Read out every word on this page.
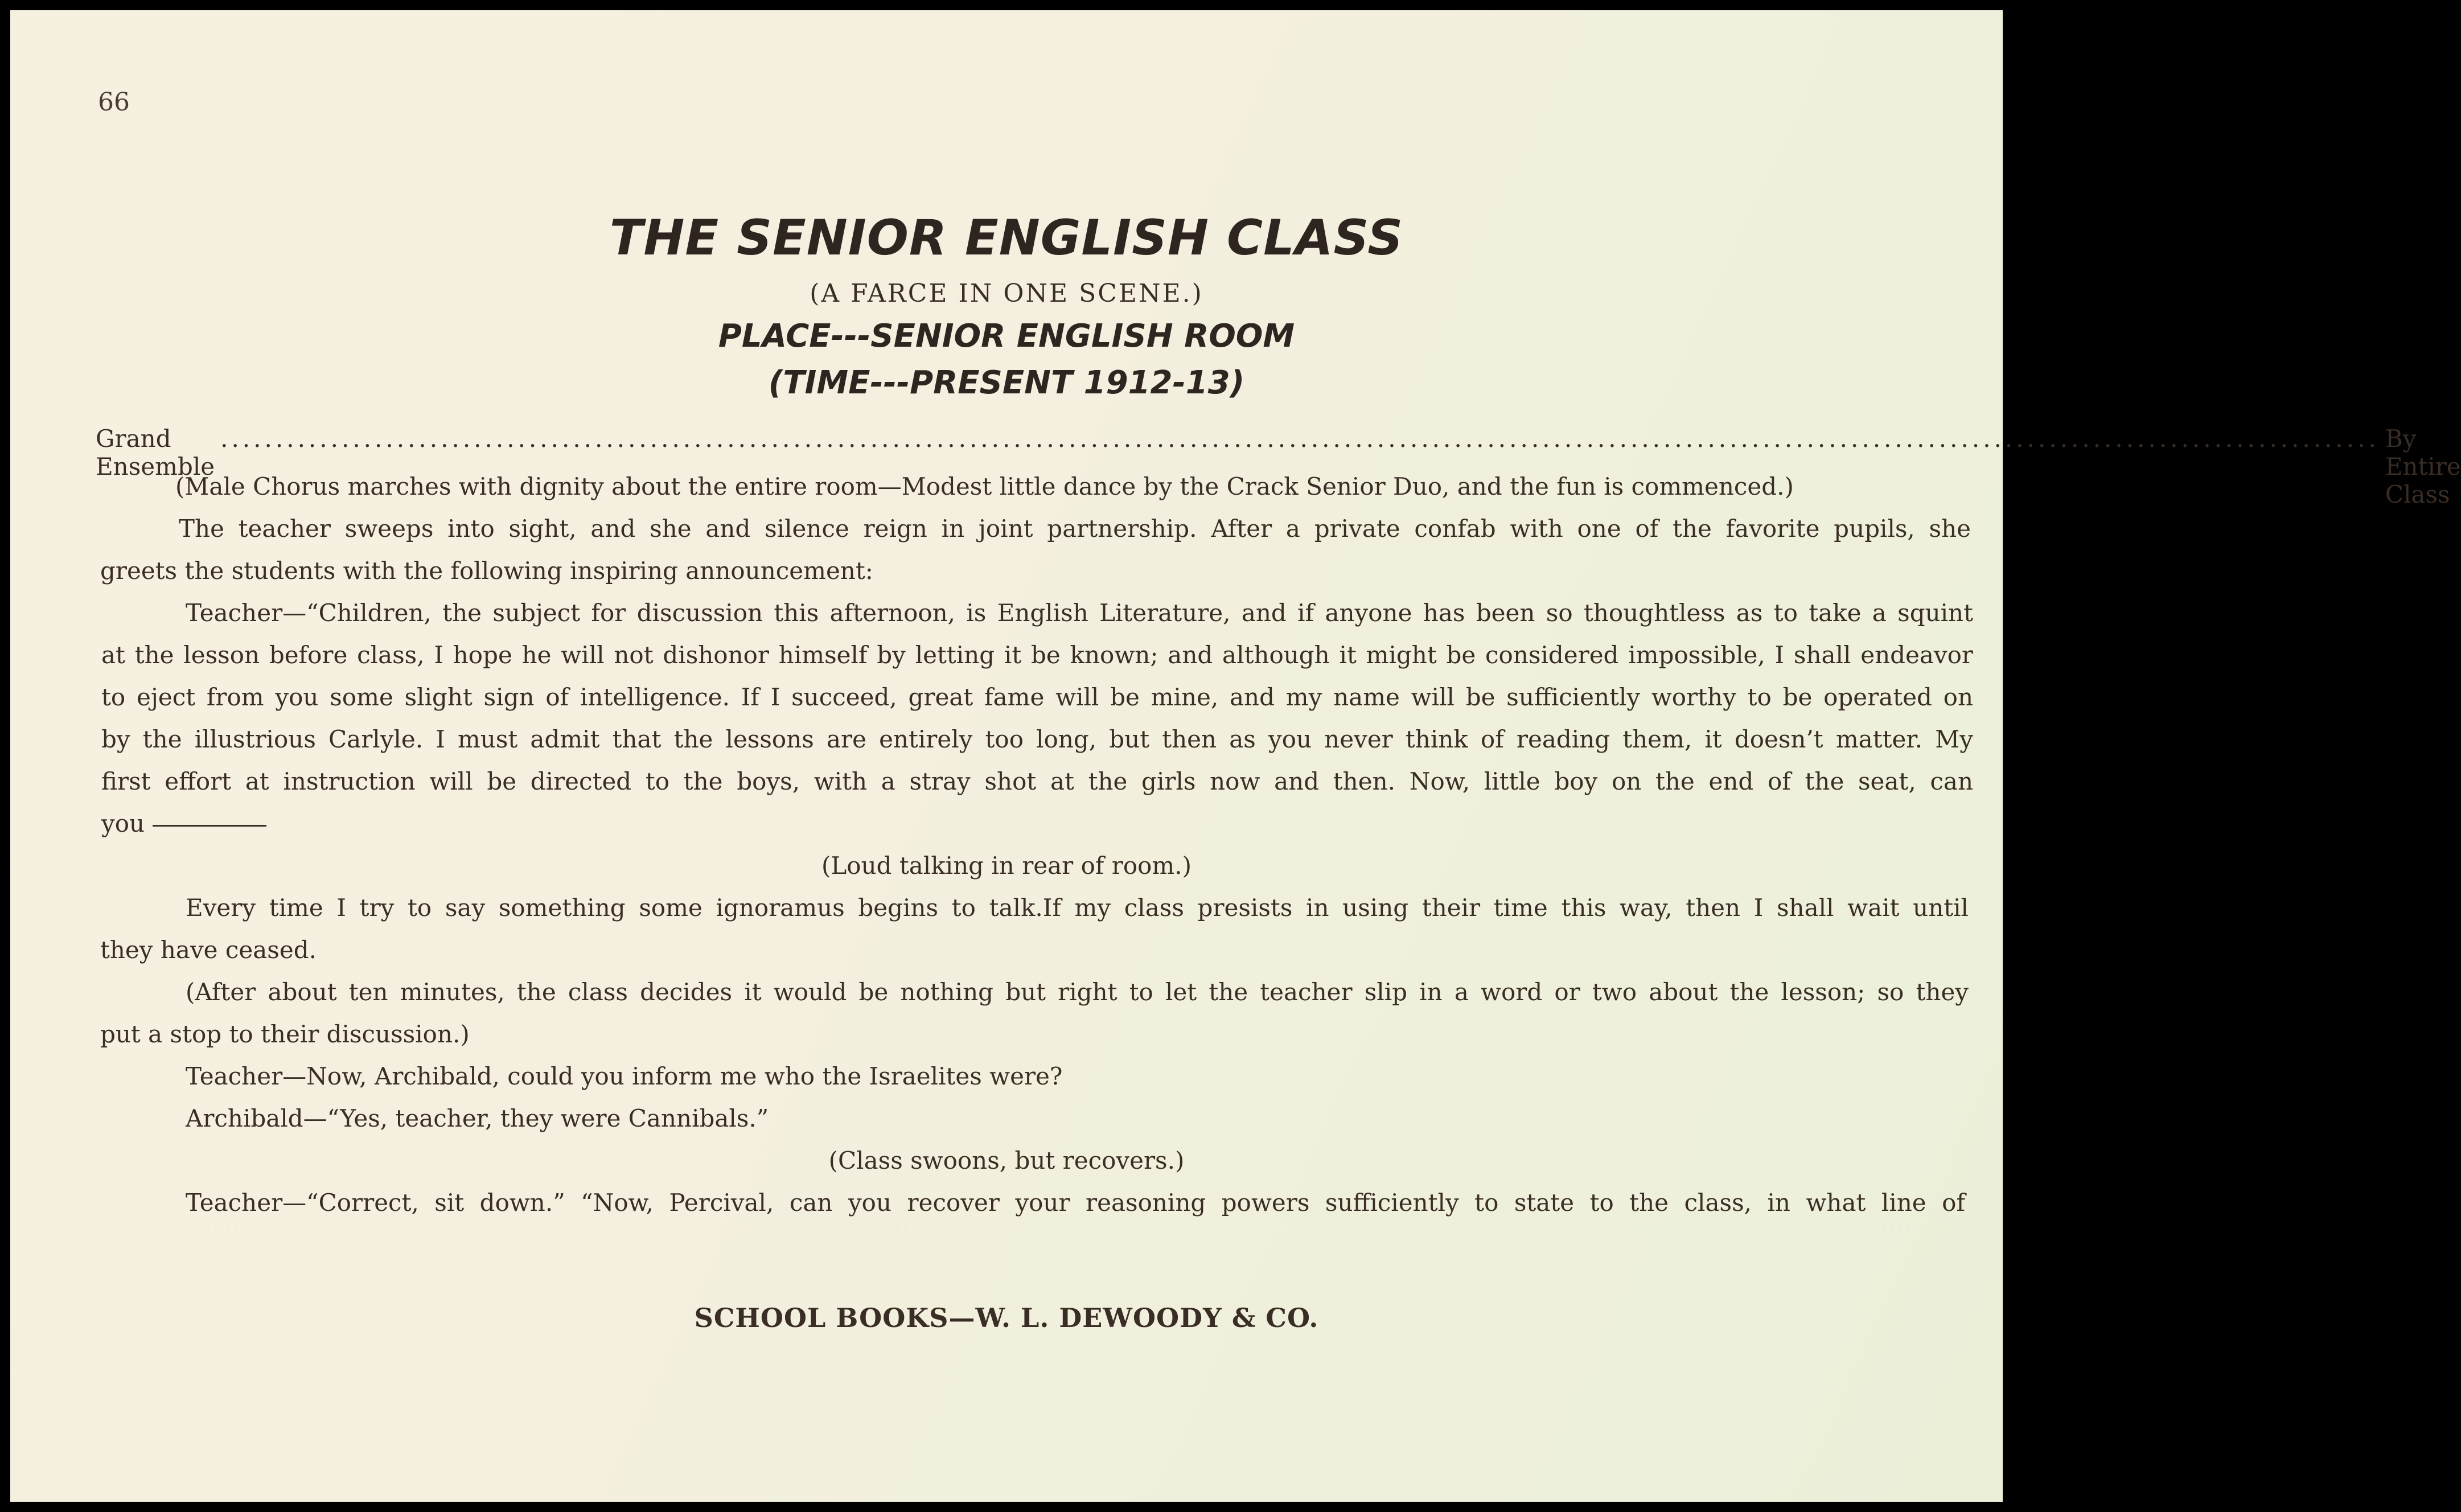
66
THE SENIOR ENGLISH CLASS
(A FARCE IN ONE SCENE.)
PLACE---SENIOR ENGLISH ROOM
(TIME---PRESENT 1912-13)
Grand Ensemble
.................................................................................................................................................................................................... By Entire Class
(Male Chorus marches with dignity about the entire room—Modest little dance by the Crack Senior Duo, and the fun is commenced.)
The teacher sweeps into sight, and she and silence reign in joint partnership. After a private confab with one of the favorite pupils, she
greets the students with the following inspiring announcement:
Teacher—“Children, the subject for discussion this afternoon, is English Literature, and if anyone has been so thoughtless as to take a squint
at the lesson before class, I hope he will not dishonor himself by letting it be known; and although it might be considered impossible, I shall endeavor
to eject from you some slight sign of intelligence. If I succeed, great fame will be mine, and my name will be sufficiently worthy to be operated on
by the illustrious Carlyle. I must admit that the lessons are entirely too long, but then as you never think of reading them, it doesn’t matter. My
first effort at instruction will be directed to the boys, with a stray shot at the girls now and then. Now, little boy on the end of the seat, can
you
(Loud talking in rear of room.)
Every time I try to say something some ignoramus begins to talk.If my class presists in using their time this way, then I shall wait until
they have ceased.
(After about ten minutes, the class decides it would be nothing but right to let the teacher slip in a word or two about the lesson; so they
put a stop to their discussion.)
Teacher—Now, Archibald, could you inform me who the Israelites were?
Archibald—“Yes, teacher, they were Cannibals.”
(Class swoons, but recovers.)
Teacher—“Correct, sit down.” “Now, Percival, can you recover your reasoning powers sufficiently to state to the class, in what line of
SCHOOL BOOKS—W. L. DEWOODY & CO.
